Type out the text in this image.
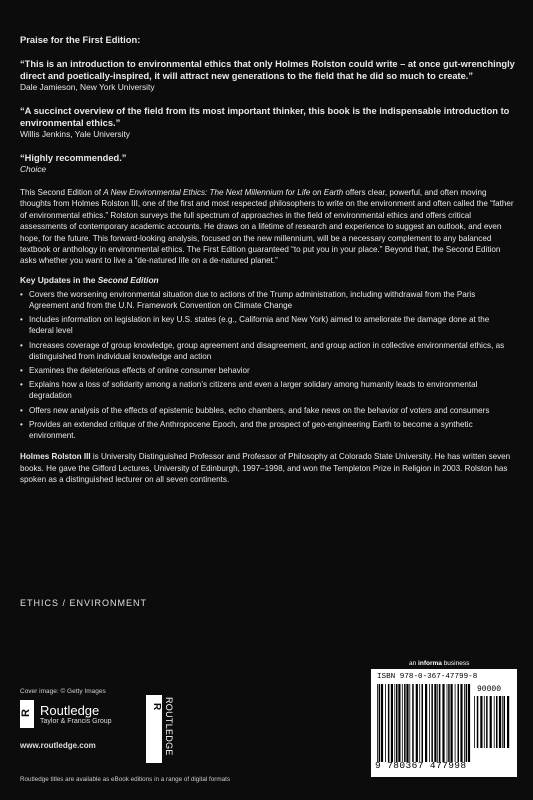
Praise for the First Edition:
“This is an introduction to environmental ethics that only Holmes Rolston could write – at once gut-wrenchingly direct and poetically-inspired, it will attract new generations to the field that he did so much to create.”
Dale Jamieson, New York University
“A succinct overview of the field from its most important thinker, this book is the indispensable introduction to environmental ethics.”
Willis Jenkins, Yale University
“Highly recommended.”
Choice
This Second Edition of A New Environmental Ethics: The Next Millennium for Life on Earth offers clear, powerful, and often moving thoughts from Holmes Rolston III, one of the first and most respected philosophers to write on the environment and often called the “father of environmental ethics.” Rolston surveys the full spectrum of approaches in the field of environmental ethics and offers critical assessments of contemporary academic accounts. He draws on a lifetime of research and experience to suggest an outlook, and even hope, for the future. This forward-looking analysis, focused on the new millennium, will be a necessary complement to any balanced textbook or anthology in environmental ethics. The First Edition guaranteed “to put you in your place.” Beyond that, the Second Edition asks whether you want to live a “de-natured life on a de-natured planet.”
Key Updates in the Second Edition
• Covers the worsening environmental situation due to actions of the Trump administration, including withdrawal from the Paris Agreement and from the U.N. Framework Convention on Climate Change
• Includes information on legislation in key U.S. states (e.g., California and New York) aimed to ameliorate the damage done at the federal level
• Increases coverage of group knowledge, group agreement and disagreement, and group action in collective environmental ethics, as distinguished from individual knowledge and action
• Examines the deleterious effects of online consumer behavior
• Explains how a loss of solidarity among a nation’s citizens and even a larger solidary among humanity leads to environmental degradation
• Offers new analysis of the effects of epistemic bubbles, echo chambers, and fake news on the behavior of voters and consumers
• Provides an extended critique of the Anthropocene Epoch, and the prospect of geo-engineering Earth to become a synthetic environment.
Holmes Rolston III is University Distinguished Professor and Professor of Philosophy at Colorado State University. He has written seven books. He gave the Gifford Lectures, University of Edinburgh, 1997–1998, and won the Templeton Prize in Religion in 2003. Rolston has spoken as a distinguished lecturer on all seven continents.
ETHICS / ENVIRONMENT
Cover image: © Getty Images
R
Routledge
Taylor & Francis Group
www.routledge.com
R ROUTLEDGE
Routledge titles are available as eBook editions in a range of digital formats
an informa business
ISBN 978-0-367-47799-8
90000
9 780367 477998
